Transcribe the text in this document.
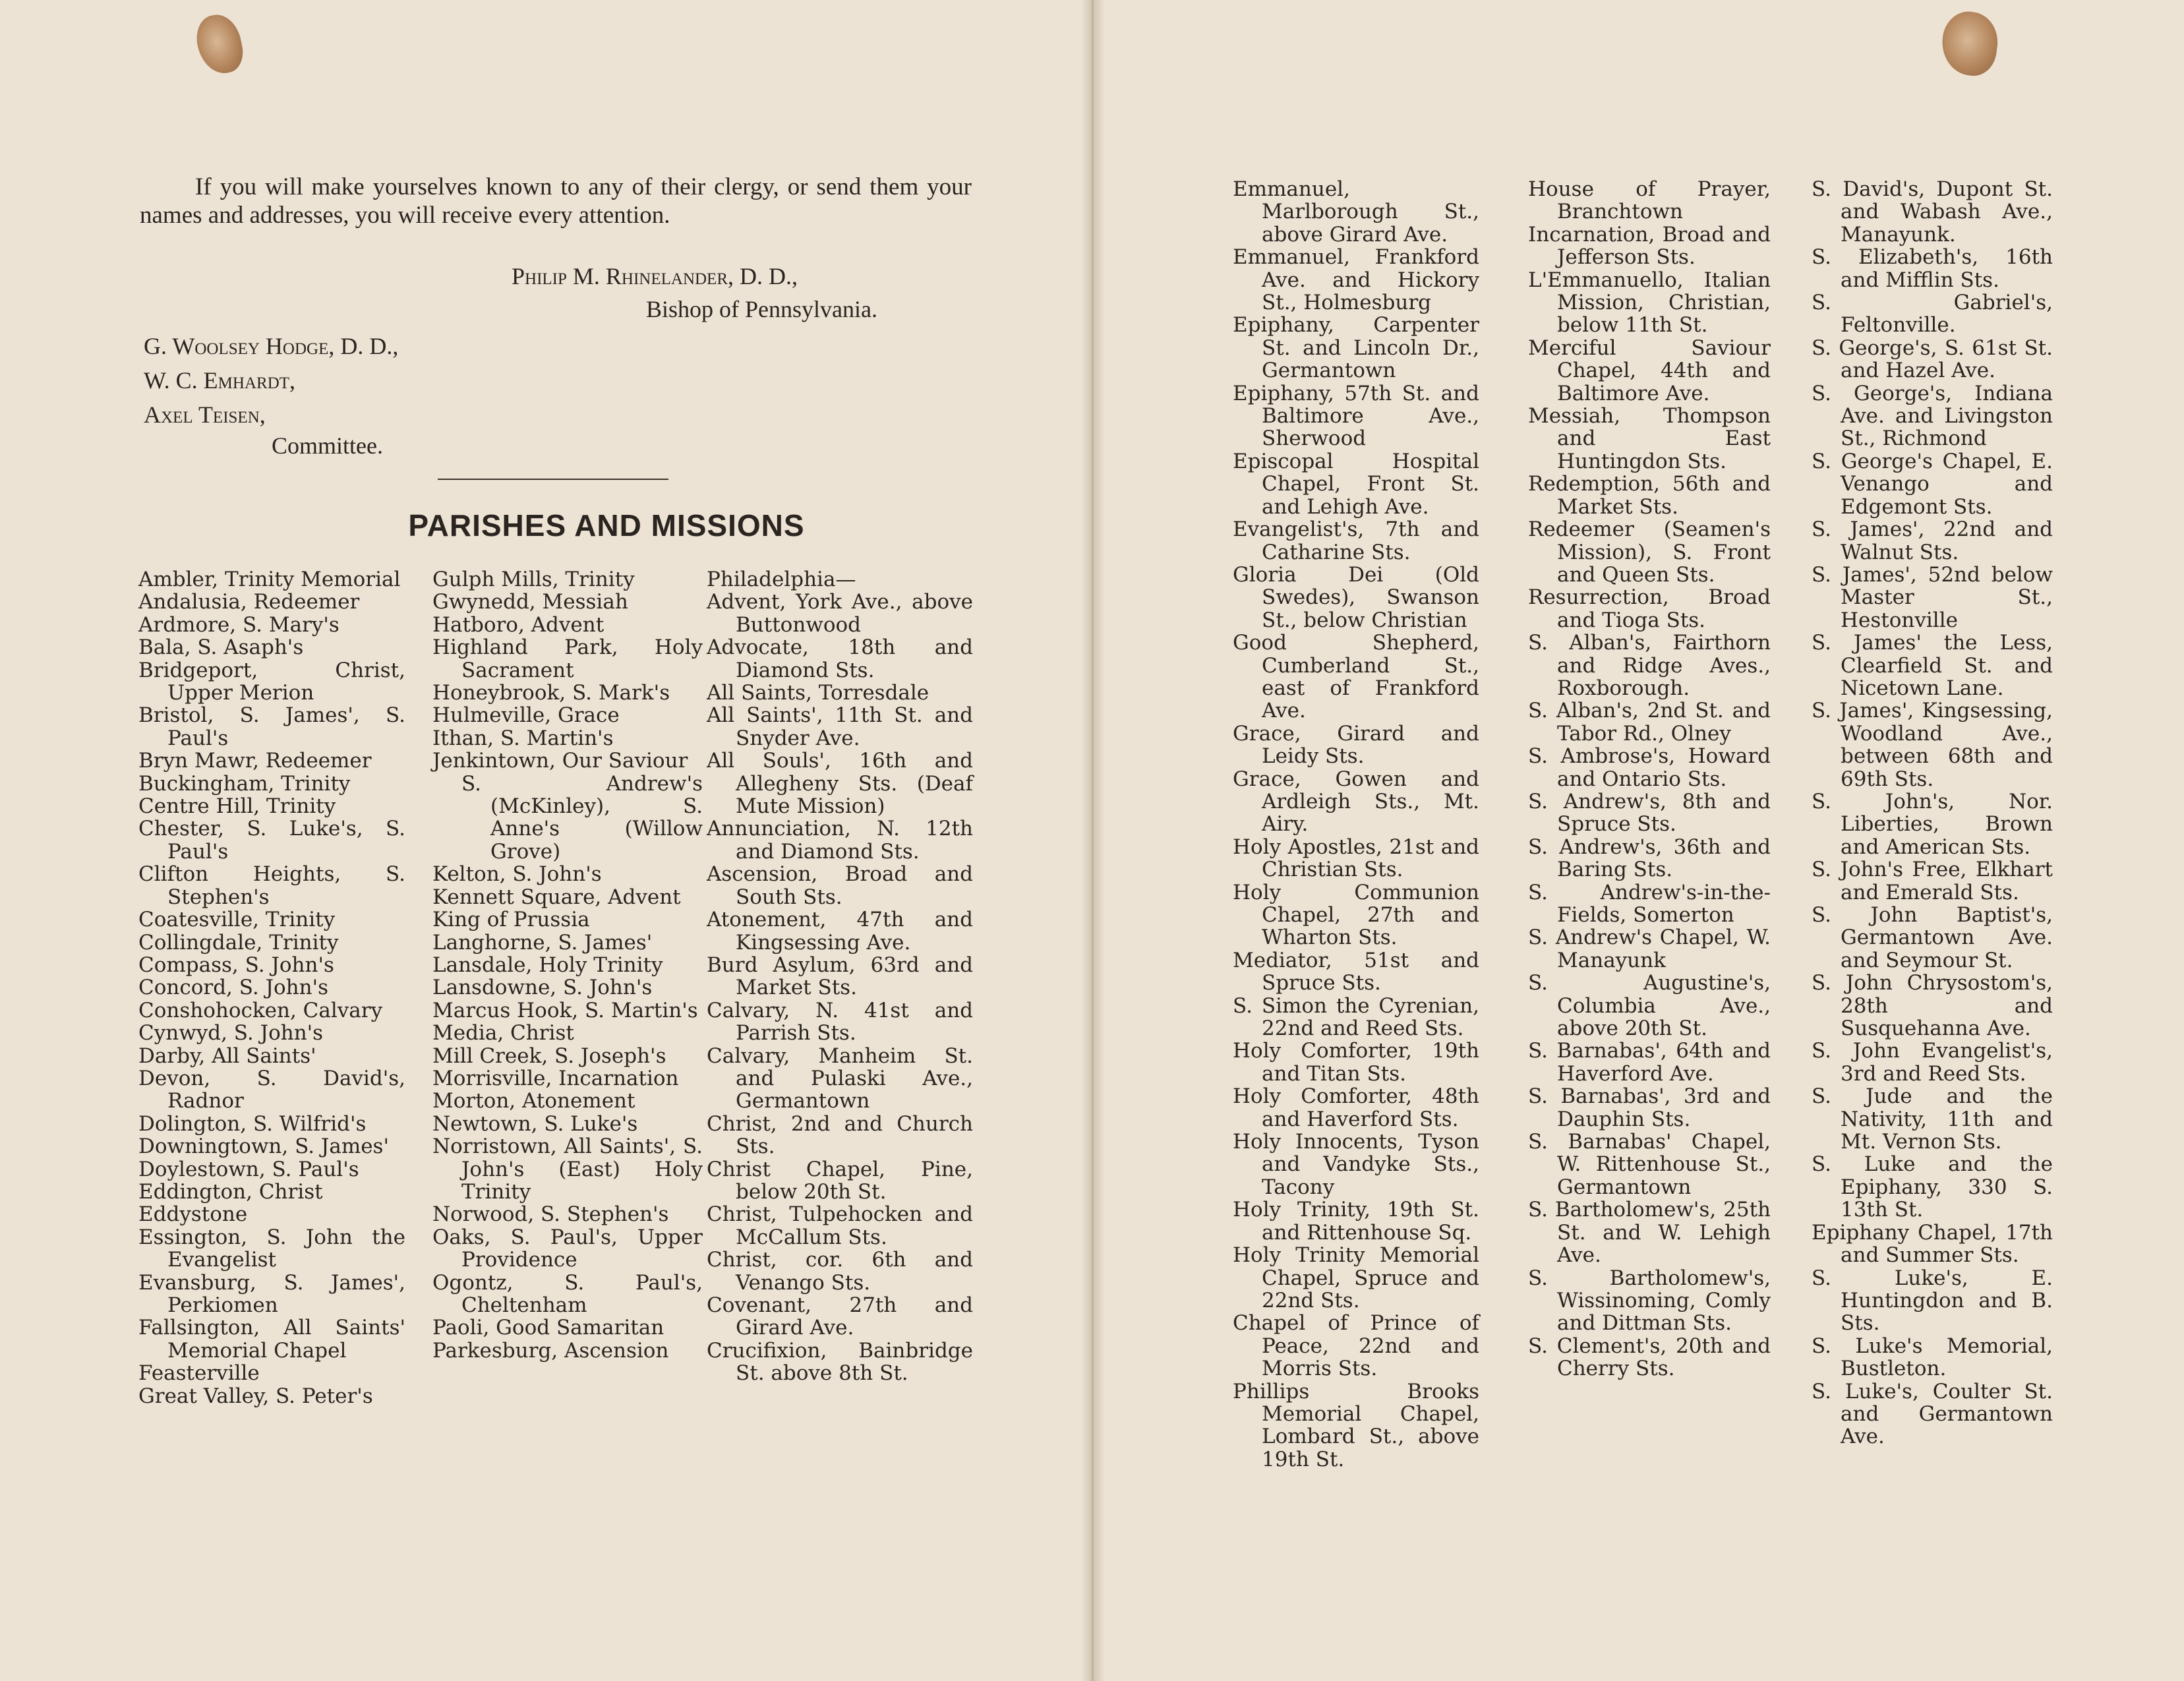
If you will make yourselves known to any of their clergy, or send them your names and addresses, you will receive every attention.

Philip M. Rhinelander, D. D.,

Bishop of Pennsylvania.

G. Woolsey Hodge, D. D.,

W. C. Emhardt,

Axel Teisen,

Committee.

PARISHES AND MISSIONS
Ambler, Trinity Memorial
Andalusia, Redeemer
Ardmore, S. Mary's
Bala, S. Asaph's
Bridgeport, Christ, Upper Merion
Bristol, S. James', S. Paul's
Bryn Mawr, Redeemer
Buckingham, Trinity
Centre Hill, Trinity
Chester, S. Luke's, S. Paul's
Clifton Heights, S. Stephen's
Coatesville, Trinity
Collingdale, Trinity
Compass, S. John's
Concord, S. John's
Conshohocken, Calvary
Cynwyd, S. John's
Darby, All Saints'
Devon, S. David's, Radnor
Dolington, S. Wilfrid's
Downingtown, S. James'
Doylestown, S. Paul's
Eddington, Christ
Eddystone
Essington, S. John the Evangelist
Evansburg, S. James', Perkiomen
Fallsington, All Saints' Memorial Chapel
Feasterville
Great Valley, S. Peter's
Gulph Mills, Trinity
Gwynedd, Messiah
Hatboro, Advent
Highland Park, Holy Sacrament
Honeybrook, S. Mark's
Hulmeville, Grace
Ithan, S. Martin's
Jenkintown, Our Saviour
S. Andrew's (McKinley), S. Anne's (Willow Grove)
Kelton, S. John's
Kennett Square, Advent
King of Prussia
Langhorne, S. James'
Lansdale, Holy Trinity
Lansdowne, S. John's
Marcus Hook, S. Martin's
Media, Christ
Mill Creek, S. Joseph's
Morrisville, Incarnation
Morton, Atonement
Newtown, S. Luke's
Norristown, All Saints', S. John's (East) Holy Trinity
Norwood, S. Stephen's
Oaks, S. Paul's, Upper Providence
Ogontz, S. Paul's, Cheltenham
Paoli, Good Samaritan
Parkesburg, Ascension
Philadelphia—
Advent, York Ave., above Buttonwood
Advocate, 18th and Diamond Sts.
All Saints, Torresdale
All Saints', 11th St. and Snyder Ave.
All Souls', 16th and Allegheny Sts. (Deaf Mute Mission)
Annunciation, N. 12th and Diamond Sts.
Ascension, Broad and South Sts.
Atonement, 47th and Kingsessing Ave.
Burd Asylum, 63rd and Market Sts.
Calvary, N. 41st and Parrish Sts.
Calvary, Manheim St. and Pulaski Ave., Germantown
Christ, 2nd and Church Sts.
Christ Chapel, Pine, below 20th St.
Christ, Tulpehocken and McCallum Sts.
Christ, cor. 6th and Venango Sts.
Covenant, 27th and Girard Ave.
Crucifixion, Bainbridge St. above 8th St.
Emmanuel, Marlborough St., above Girard Ave.
Emmanuel, Frankford Ave. and Hickory St., Holmesburg
Epiphany, Carpenter St. and Lincoln Dr., Germantown
Epiphany, 57th St. and Baltimore Ave., Sherwood
Episcopal Hospital Chapel, Front St. and Lehigh Ave.
Evangelist's, 7th and Catharine Sts.
Gloria Dei (Old Swedes), Swanson St., below Christian
Good Shepherd, Cumberland St., east of Frankford Ave.
Grace, Girard and Leidy Sts.
Grace, Gowen and Ardleigh Sts., Mt. Airy.
Holy Apostles, 21st and Christian Sts.
Holy Communion Chapel, 27th and Wharton Sts.
Mediator, 51st and Spruce Sts.
S. Simon the Cyrenian, 22nd and Reed Sts.
Holy Comforter, 19th and Titan Sts.
Holy Comforter, 48th and Haverford Sts.
Holy Innocents, Tyson and Vandyke Sts., Tacony
Holy Trinity, 19th St. and Rittenhouse Sq.
Holy Trinity Memorial Chapel, Spruce and 22nd Sts.
Chapel of Prince of Peace, 22nd and Morris Sts.
Phillips Brooks Memorial Chapel, Lombard St., above 19th St.
House of Prayer, Branchtown
Incarnation, Broad and Jefferson Sts.
L'Emmanuello, Italian Mission, Christian, below 11th St.
Merciful Saviour Chapel, 44th and Baltimore Ave.
Messiah, Thompson and East Huntingdon Sts.
Redemption, 56th and Market Sts.
Redeemer (Seamen's Mission), S. Front and Queen Sts.
Resurrection, Broad and Tioga Sts.
S. Alban's, Fairthorn and Ridge Aves., Roxborough.
S. Alban's, 2nd St. and Tabor Rd., Olney
S. Ambrose's, Howard and Ontario Sts.
S. Andrew's, 8th and Spruce Sts.
S. Andrew's, 36th and Baring Sts.
S. Andrew's-in-the-Fields, Somerton
S. Andrew's Chapel, W. Manayunk
S. Augustine's, Columbia Ave., above 20th St.
S. Barnabas', 64th and Haverford Ave.
S. Barnabas', 3rd and Dauphin Sts.
S. Barnabas' Chapel, W. Rittenhouse St., Germantown
S. Bartholomew's, 25th St. and W. Lehigh Ave.
S. Bartholomew's, Wissinoming, Comly and Dittman Sts.
S. Clement's, 20th and Cherry Sts.
S. David's, Dupont St. and Wabash Ave., Manayunk.
S. Elizabeth's, 16th and Mifflin Sts.
S. Gabriel's, Feltonville.
S. George's, S. 61st St. and Hazel Ave.
S. George's, Indiana Ave. and Livingston St., Richmond
S. George's Chapel, E. Venango and Edgemont Sts.
S. James', 22nd and Walnut Sts.
S. James', 52nd below Master St., Hestonville
S. James' the Less, Clearfield St. and Nicetown Lane.
S. James', Kingsessing, Woodland Ave., between 68th and 69th Sts.
S. John's, Nor. Liberties, Brown and American Sts.
S. John's Free, Elkhart and Emerald Sts.
S. John Baptist's, Germantown Ave. and Seymour St.
S. John Chrysostom's, 28th and Susquehanna Ave.
S. John Evangelist's, 3rd and Reed Sts.
S. Jude and the Nativity, 11th and Mt. Vernon Sts.
S. Luke and the Epiphany, 330 S. 13th St.
Epiphany Chapel, 17th and Summer Sts.
S. Luke's, E. Huntingdon and B. Sts.
S. Luke's Memorial, Bustleton.
S. Luke's, Coulter St. and Germantown Ave.
